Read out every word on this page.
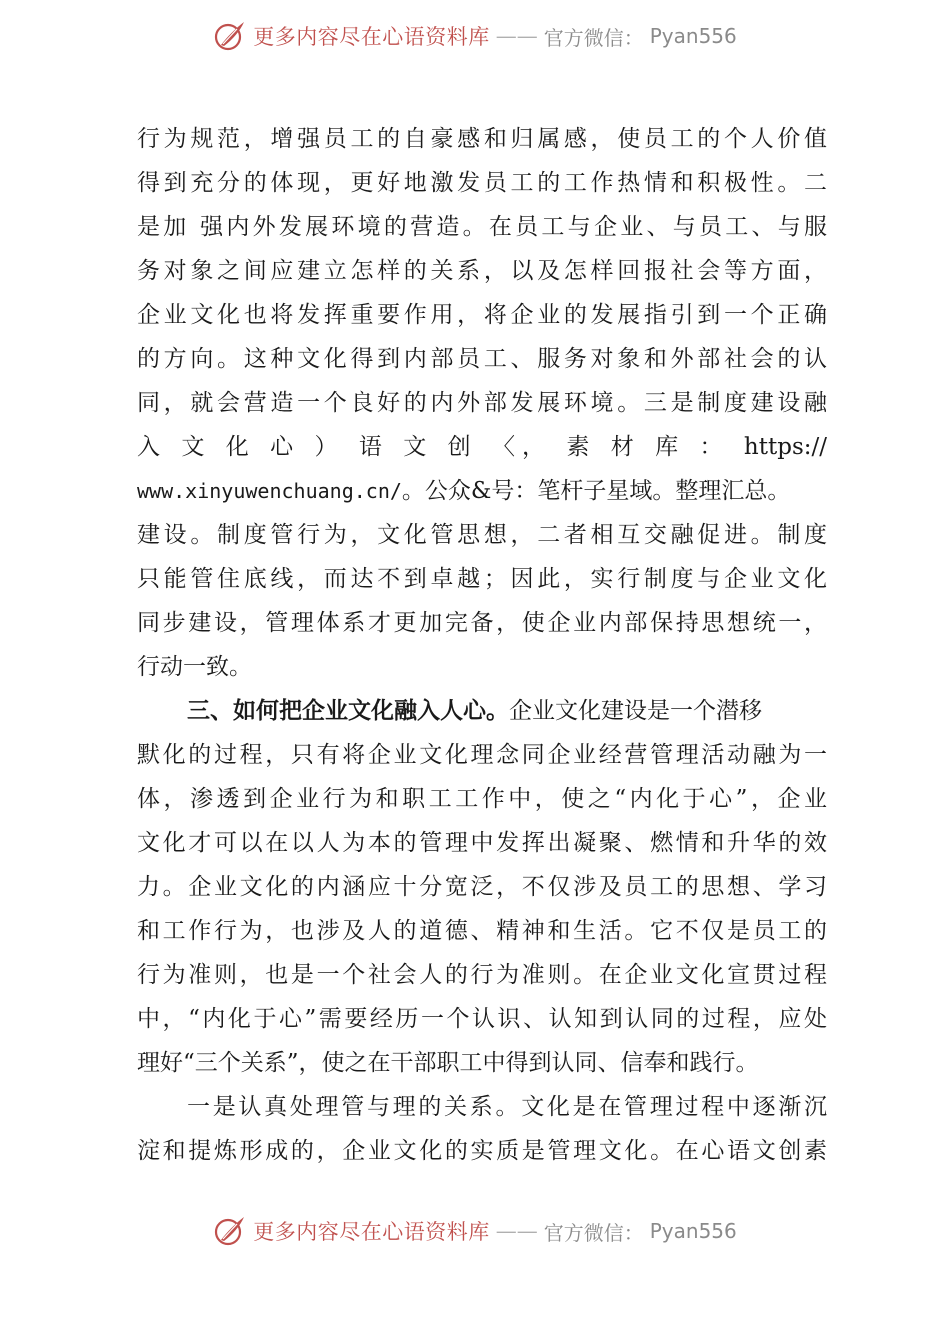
更多内容尽在心语资料库 —— 官方微信： Pyan556
行为规范，增强员工的自豪感和归属感，使员工的个人价值
得到充分的体现，更好地激发员工的工作热情和积极性。二
是加 强内外发展环境的营造。在员工与企业、与员工、与服
务对象之间应建立怎样的关系，以及怎样回报社会等方面，
企业文化也将发挥重要作用，将企业的发展指引到一个正确
的方向。这种文化得到内部员工、服务对象和外部社会的认
同，就会营造一个良好的内外部发展环境。三是制度建设融
入 文 化 心 ） 语 文 创 〈， 素 材 库 ： https://
www.xinyuwenchuang.cn/。公众&号：笔杆子星域。整理汇总。
建设。制度管行为，文化管思想，二者相互交融促进。制度
只能管住底线，而达不到卓越；因此，实行制度与企业文化
同步建设，管理体系才更加完备，使企业内部保持思想统一，
行动一致。
三、如何把企业文化融入人心。企业文化建设是一个潜移
默化的过程，只有将企业文化理念同企业经营管理活动融为一
体，渗透到企业行为和职工工作中，使之“内化于心”，企业
文化才可以在以人为本的管理中发挥出凝聚、燃情和升华的效
力。企业文化的内涵应十分宽泛，不仅涉及员工的思想、学习
和工作行为，也涉及人的道德、精神和生活。它不仅是员工的
行为准则，也是一个社会人的行为准则。在企业文化宣贯过程
中，“内化于心”需要经历一个认识、认知到认同的过程，应处
理好“三个关系”，使之在干部职工中得到认同、信奉和践行。
一是认真处理管与理的关系。文化是在管理过程中逐渐沉
淀和提炼形成的，企业文化的实质是管理文化。在心语文创素
更多内容尽在心语资料库 —— 官方微信： Pyan556
